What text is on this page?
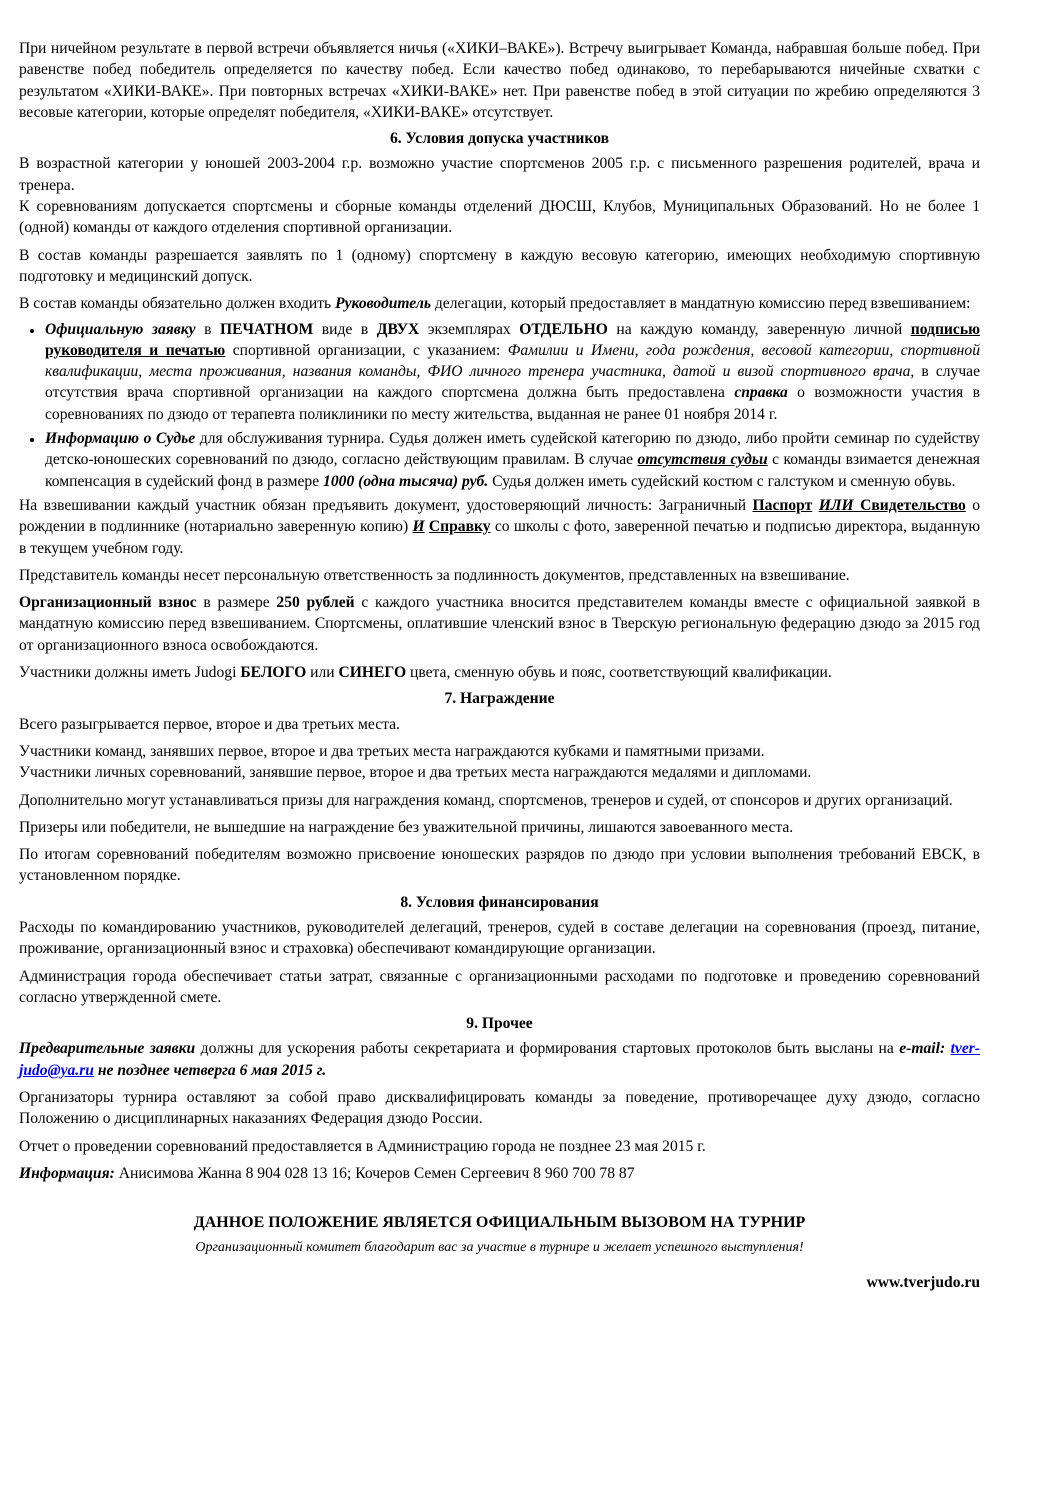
При ничейном результате в первой встречи объявляется ничья («ХИКИ–ВАКЕ»). Встречу выигрывает Команда, набравшая больше побед. При равенстве побед победитель определяется по качеству побед. Если качество побед одинаково, то перебарываются ничейные схватки с результатом «ХИКИ-ВАКЕ». При повторных встречах «ХИКИ-ВАКЕ» нет. При равенстве побед в этой ситуации по жребию определяются 3 весовые категории, которые определят победителя, «ХИКИ-ВАКЕ» отсутствует.

6. Условия допуска участников

В возрастной категории у юношей 2003-2004 г.р. возможно участие спортсменов 2005 г.р. с письменного разрешения родителей, врача и тренера.

К соревнованиям допускается спортсмены и сборные команды отделений ДЮСШ, Клубов, Муниципальных Образований. Но не более 1 (одной) команды от каждого отделения спортивной организации.

В состав команды разрешается заявлять по 1 (одному) спортсмену в каждую весовую категорию, имеющих необходимую спортивную подготовку и медицинский допуск.

В состав команды обязательно должен входить Руководитель делегации, который предоставляет в мандатную комиссию перед взвешиванием:

• Официальную заявку в ПЕЧАТНОМ виде в ДВУХ экземплярах ОТДЕЛЬНО на каждую команду, заверенную личной подписью руководителя и печатью спортивной организации, с указанием: Фамилии и Имени, года рождения, весовой категории, спортивной квалификации, места проживания, названия команды, ФИО личного тренера участника, датой и визой спортивного врача, в случае отсутствия врача спортивной организации на каждого спортсмена должна быть предоставлена справка о возможности участия в соревнованиях по дзюдо от терапевта поликлиники по месту жительства, выданная не ранее 01 ноября 2014 г.
• Информацию о Судье для обслуживания турнира. Судья должен иметь судейской категорию по дзюдо, либо пройти семинар по судейству детско-юношеских соревнований по дзюдо, согласно действующим правилам. В случае отсутствия судьи с команды взимается денежная компенсация в судейский фонд в размере 1000 (одна тысяча) руб. Судья должен иметь судейский костюм с галстуком и сменную обувь.

На взвешивании каждый участник обязан предъявить документ, удостоверяющий личность: Заграничный Паспорт ИЛИ Свидетельство о рождении в подлиннике (нотариально заверенную копию) И Справку со школы с фото, заверенной печатью и подписью директора, выданную в текущем учебном году.

Представитель команды несет персональную ответственность за подлинность документов, представленных на взвешивание.

Организационный взнос в размере 250 рублей с каждого участника вносится представителем команды вместе с официальной заявкой в мандатную комиссию перед взвешиванием. Спортсмены, оплатившие членский взнос в Тверскую региональную федерацию дзюдо за 2015 год от организационного взноса освобождаются.

Участники должны иметь Judogi БЕЛОГО или СИНЕГО цвета, сменную обувь и пояс, соответствующий квалификации.

7. Награждение

Всего разыгрывается первое, второе и два третьих места.

Участники команд, занявших первое, второе и два третьих места награждаются кубками и памятными призами.

Участники личных соревнований, занявшие первое, второе и два третьих места награждаются медалями и дипломами.

Дополнительно могут устанавливаться призы для награждения команд, спортсменов, тренеров и судей, от спонсоров и других организаций.

Призеры или победители, не вышедшие на награждение без уважительной причины, лишаются завоеванного места.

По итогам соревнований победителям возможно присвоение юношеских разрядов по дзюдо при условии выполнения требований ЕВСК, в установленном порядке.

8. Условия финансирования

Расходы по командированию участников, руководителей делегаций, тренеров, судей в составе делегации на соревнования (проезд, питание, проживание, организационный взнос и страховка) обеспечивают командирующие организации.

Администрация города обеспечивает статьи затрат, связанные с организационными расходами по подготовке и проведению соревнований согласно утвержденной смете.

9. Прочее

Предварительные заявки должны для ускорения работы секретариата и формирования стартовых протоколов быть высланы на e-mail: tver-judo@ya.ru не позднее четверга 6 мая 2015 г.

Организаторы турнира оставляют за собой право дисквалифицировать команды за поведение, противоречащее духу дзюдо, согласно Положению о дисциплинарных наказаниях Федерация дзюдо России.

Отчет о проведении соревнований предоставляется в Администрацию города не позднее 23 мая 2015 г.

Информация: Анисимова Жанна 8 904 028 13 16; Кочеров Семен Сергеевич 8 960 700 78 87

ДАННОЕ ПОЛОЖЕНИЕ ЯВЛЯЕТСЯ ОФИЦИАЛЬНЫМ ВЫЗОВОМ НА ТУРНИР
Организационный комитет благодарит вас за участие в турнире и желает успешного выступления!
www.tverjudo.ru
